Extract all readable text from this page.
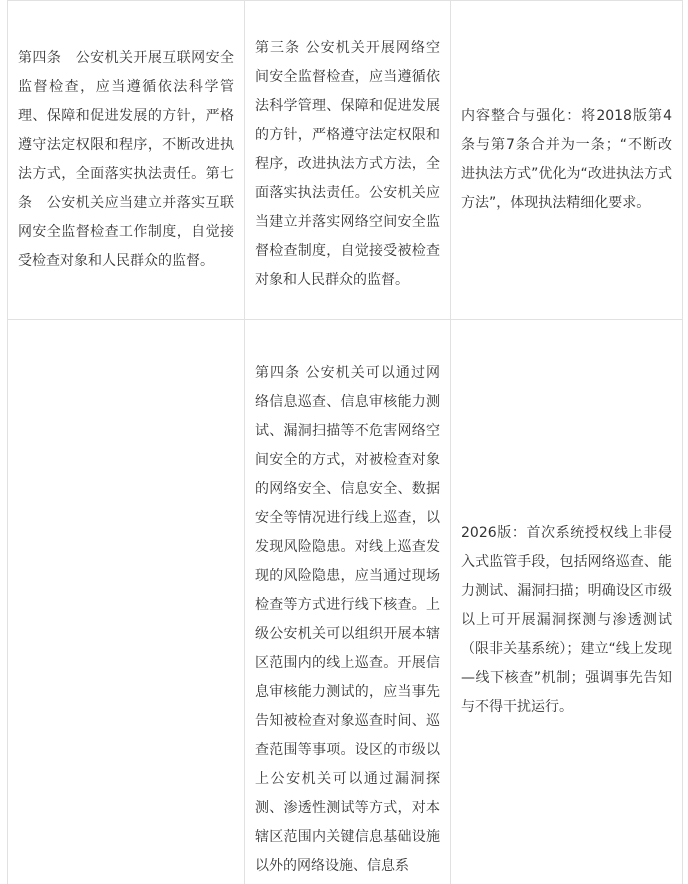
第四条　公安机关开展互联网安全监督检查，应当遵循依法科学管理、保障和促进发展的方针，严格遵守法定权限和程序，不断改进执法方式，全面落实执法责任。第七条　公安机关应当建立并落实互联网安全监督检查工作制度，自觉接受检查对象和人民群众的监督。	第三条 公安机关开展网络空间安全监督检查，应当遵循依法科学管理、保障和促进发展的方针，严格遵守法定权限和程序，改进执法方式方法，全面落实执法责任。公安机关应当建立并落实网络空间安全监督检查制度，自觉接受被检查对象和人民群众的监督。	内容整合与强化：将2018版第4条与第7条合并为一条；“不断改进执法方式”优化为“改进执法方式方法”，体现执法精细化要求。

	第四条 公安机关可以通过网络信息巡查、信息审核能力测试、漏洞扫描等不危害网络空间安全的方式，对被检查对象的网络安全、信息安全、数据安全等情况进行线上巡查，以发现风险隐患。对线上巡查发现的风险隐患，应当通过现场检查等方式进行线下核查。上级公安机关可以组织开展本辖区范围内的线上巡查。开展信息审核能力测试的，应当事先告知被检查对象巡查时间、巡查范围等事项。设区的市级以上公安机关可以通过漏洞探测、渗透性测试等方式，对本辖区范围内关键信息基础设施以外的网络设施、信息系	2026版：首次系统授权线上非侵入式监管手段，包括网络巡查、能力测试、漏洞扫描；明确设区市级以上可开展漏洞探测与渗透测试（限非关基系统）；建立“线上发现—线下核查”机制；强调事先告知与不得干扰运行。
